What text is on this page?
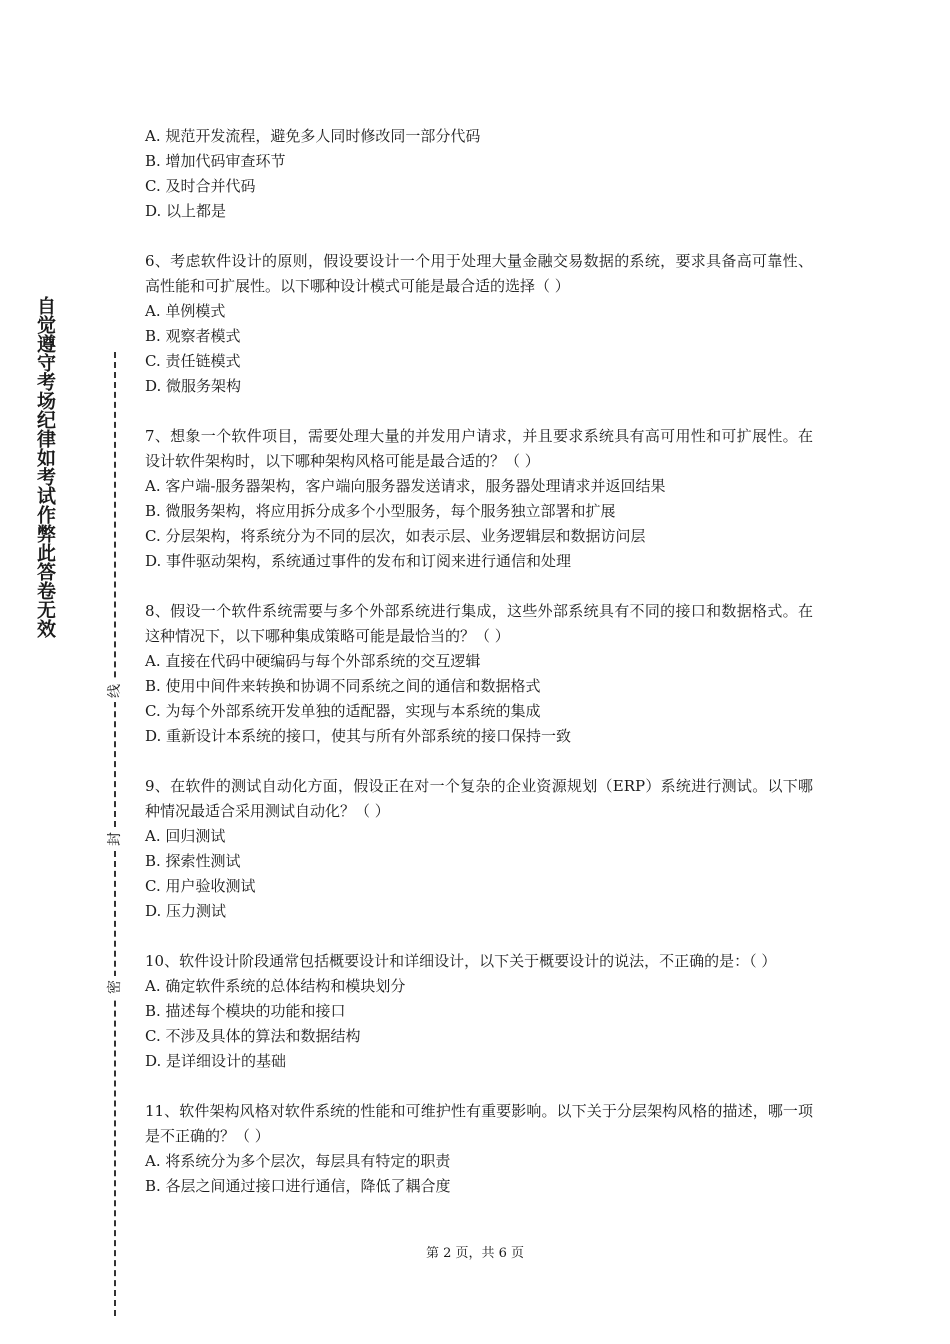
自觉遵守考场纪律如考试作弊此答卷无效
线
封
密
A. 规范开发流程，避免多人同时修改同一部分代码
B. 增加代码审查环节
C. 及时合并代码
D. 以上都是
6、考虑软件设计的原则，假设要设计一个用于处理大量金融交易数据的系统，要求具备高可靠性、高性能和可扩展性。以下哪种设计模式可能是最合适的选择（ ）
A. 单例模式
B. 观察者模式
C. 责任链模式
D. 微服务架构
7、想象一个软件项目，需要处理大量的并发用户请求，并且要求系统具有高可用性和可扩展性。在设计软件架构时，以下哪种架构风格可能是最合适的？（ ）
A. 客户端-服务器架构，客户端向服务器发送请求，服务器处理请求并返回结果
B. 微服务架构，将应用拆分成多个小型服务，每个服务独立部署和扩展
C. 分层架构，将系统分为不同的层次，如表示层、业务逻辑层和数据访问层
D. 事件驱动架构，系统通过事件的发布和订阅来进行通信和处理
8、假设一个软件系统需要与多个外部系统进行集成，这些外部系统具有不同的接口和数据格式。在这种情况下，以下哪种集成策略可能是最恰当的？（ ）
A. 直接在代码中硬编码与每个外部系统的交互逻辑
B. 使用中间件来转换和协调不同系统之间的通信和数据格式
C. 为每个外部系统开发单独的适配器，实现与本系统的集成
D. 重新设计本系统的接口，使其与所有外部系统的接口保持一致
9、在软件的测试自动化方面，假设正在对一个复杂的企业资源规划（ERP）系统进行测试。以下哪种情况最适合采用测试自动化？（ ）
A. 回归测试
B. 探索性测试
C. 用户验收测试
D. 压力测试
10、软件设计阶段通常包括概要设计和详细设计，以下关于概要设计的说法，不正确的是：（ ）
A. 确定软件系统的总体结构和模块划分
B. 描述每个模块的功能和接口
C. 不涉及具体的算法和数据结构
D. 是详细设计的基础
11、软件架构风格对软件系统的性能和可维护性有重要影响。以下关于分层架构风格的描述，哪一项是不正确的？（ ）
A. 将系统分为多个层次，每层具有特定的职责
B. 各层之间通过接口进行通信，降低了耦合度
第 2 页，共 6 页
